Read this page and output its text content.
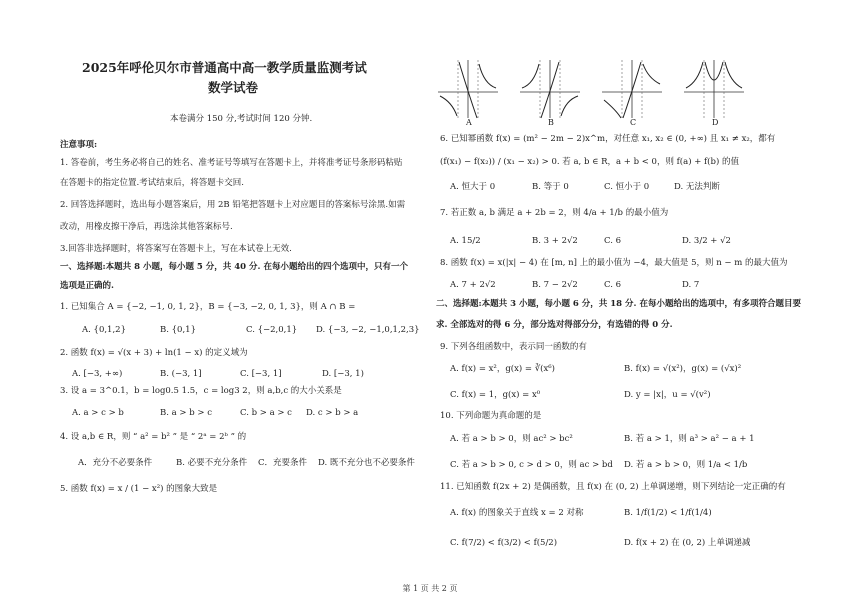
2025年呼伦贝尔市普通高中高一教学质量监测考试
数学试卷
本卷满分 150 分,考试时间 120 分钟.
注意事项:
1. 答卷前，考生务必将自己的姓名、准考证号等填写在答题卡上，并将准考证号条形码粘贴
在答题卡的指定位置.考试结束后，将答题卡交回.
2. 回答选择题时，选出每小题答案后，用 2B 铅笔把答题卡上对应题目的答案标号涂黑.如需
改动，用橡皮擦干净后，再选涂其他答案标号.
3.回答非选择题时，将答案写在答题卡上，写在本试卷上无效.
一、选择题:本题共 8 小题，每小题 5 分，共 40 分. 在每小题给出的四个选项中，只有一个
选项是正确的.
1. 已知集合 A = {−2, −1, 0, 1, 2}，B = {−3, −2, 0, 1, 3}，则 A ∩ B =
A. {0,1,2}	B. {0,1}	C. {−2,0,1} D. {−3, −2, −1,0,1,2,3}
2. 函数 f(x) = √(x + 3) + ln(1 − x) 的定义域为
A. [−3, +∞)	B. (−3, 1]	C. [−3, 1]	D. [−3, 1)
3. 设 a = 3^0.1，b = log0.5 1.5，c = log3 2，则 a,b,c 的大小关系是
A. a > c > b	B. a > b > c	C. b > a > c D. c > b > a
4. 设 a,b ∈ R，则 “ a² = b² ” 是 “ 2ᵃ = 2ᵇ ” 的
A．充分不必要条件	B. 必要不充分条件 C．充要条件 D. 既不充分也不必要条件
5. 函数 f(x) = x / (1 − x²) 的图象大致是
A	B	C	D
6. 已知幂函数 f(x) = (m² − 2m − 2)x^m，对任意 x₁, x₂ ∈ (0, +∞) 且 x₁ ≠ x₂，都有
(f(x₁) − f(x₂)) / (x₁ − x₂) > 0. 若 a, b ∈ R，a + b < 0，则 f(a) + f(b) 的值
A. 恒大于 0	B. 等于 0	C. 恒小于 0	D. 无法判断
7. 若正数 a, b 满足 a + 2b = 2，则 4/a + 1/b 的最小值为
A. 15/2	B. 3 + 2√2	C. 6	D. 3/2 + √2
8. 函数 f(x) = x(|x| − 4) 在 [m, n] 上的最小值为 −4，最大值是 5，则 n − m 的最大值为
A. 7 + 2√2	B. 7 − 2√2	C. 6	D. 7
二、选择题:本题共 3 小题，每小题 6 分，共 18 分. 在每小题给出的选项中，有多项符合题目要
求. 全部选对的得 6 分，部分选对得部分分，有选错的得 0 分.
9. 下列各组函数中，表示同一函数的有
A. f(x) = x²，g(x) = ∛(x⁶)	B. f(x) = √(x²)，g(x) = (√x)²
C. f(x) = 1，g(x) = x⁰	D. y = |x|，u = √(v²)
10. 下列命题为真命题的是
A. 若 a > b > 0，则 ac² > bc²	B. 若 a > 1，则 a³ > a² − a + 1
C. 若 a > b > 0, c > d > 0，则 ac > bd D. 若 a > b > 0，则 1/a < 1/b
11. 已知函数 f(2x + 2) 是偶函数，且 f(x) 在 (0, 2) 上单调递增，则下列结论一定正确的有
A. f(x) 的图象关于直线 x = 2 对称	B. 1/f(1/2) < 1/f(1/4)
C. f(7/2) < f(3/2) < f(5/2)	D. f(x + 2) 在 (0, 2) 上单调递减
第 1 页 共 2 页
